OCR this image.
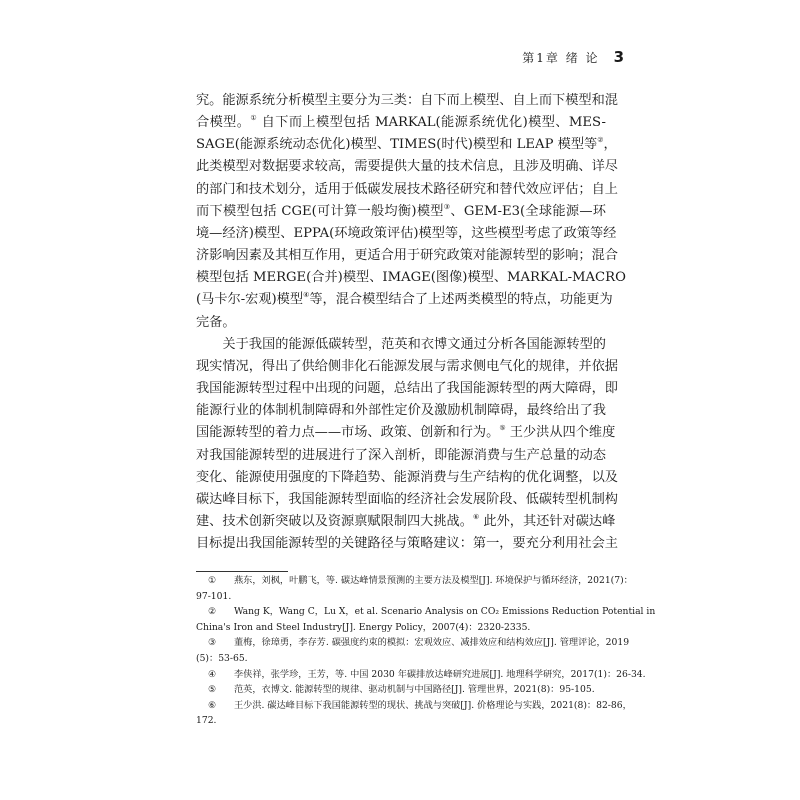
第1章 绪 论 3

究。能源系统分析模型主要分为三类：自下而上模型、自上而下模型和混
合模型。① 自下而上模型包括 MARKAL(能源系统优化)模型、MES-
SAGE(能源系统动态优化)模型、TIMES(时代)模型和 LEAP 模型等②，
此类模型对数据要求较高，需要提供大量的技术信息，且涉及明确、详尽
的部门和技术划分，适用于低碳发展技术路径研究和替代效应评估；自上
而下模型包括 CGE(可计算一般均衡)模型③、GEM-E3(全球能源—环
境—经济)模型、EPPA(环境政策评估)模型等，这些模型考虑了政策等经
济影响因素及其相互作用，更适合用于研究政策对能源转型的影响；混合
模型包括 MERGE(合并)模型、IMAGE(图像)模型、MARKAL-MACRO
(马卡尔-宏观)模型④等，混合模型结合了上述两类模型的特点，功能更为
完备。

关于我国的能源低碳转型，范英和衣博文通过分析各国能源转型的
现实情况，得出了供给侧非化石能源发展与需求侧电气化的规律，并依据
我国能源转型过程中出现的问题，总结出了我国能源转型的两大障碍，即
能源行业的体制机制障碍和外部性定价及激励机制障碍，最终给出了我
国能源转型的着力点——市场、政策、创新和行为。⑤ 王少洪从四个维度
对我国能源转型的进展进行了深入剖析，即能源消费与生产总量的动态
变化、能源使用强度的下降趋势、能源消费与生产结构的优化调整，以及
碳达峰目标下，我国能源转型面临的经济社会发展阶段、低碳转型机制构
建、技术创新突破以及资源禀赋限制四大挑战。⑥ 此外，其还针对碳达峰
目标提出我国能源转型的关键路径与策略建议：第一，要充分利用社会主

① 燕东，刘枫，叶鹏飞，等. 碳达峰情景预测的主要方法及模型[J]. 环境保护与循环经济，2021(7)：
97-101.
② Wang K，Wang C，Lu X，et al. Scenario Analysis on CO₂ Emissions Reduction Potential in
China's Iron and Steel Industry[J]. Energy Policy，2007(4)：2320-2335.
③ 董梅，徐璋勇，李存芳. 碳强度约束的模拟：宏观效应、减排效应和结构效应[J]. 管理评论，2019
(5)：53-65.
④ 李侠祥，张学珍，王芳，等. 中国 2030 年碳排放达峰研究进展[J]. 地理科学研究，2017(1)：26-34.
⑤ 范英，衣博文. 能源转型的规律、驱动机制与中国路径[J]. 管理世界，2021(8)：95-105.
⑥ 王少洪. 碳达峰目标下我国能源转型的现状、挑战与突破[J]. 价格理论与实践，2021(8)：82-86，
172.
